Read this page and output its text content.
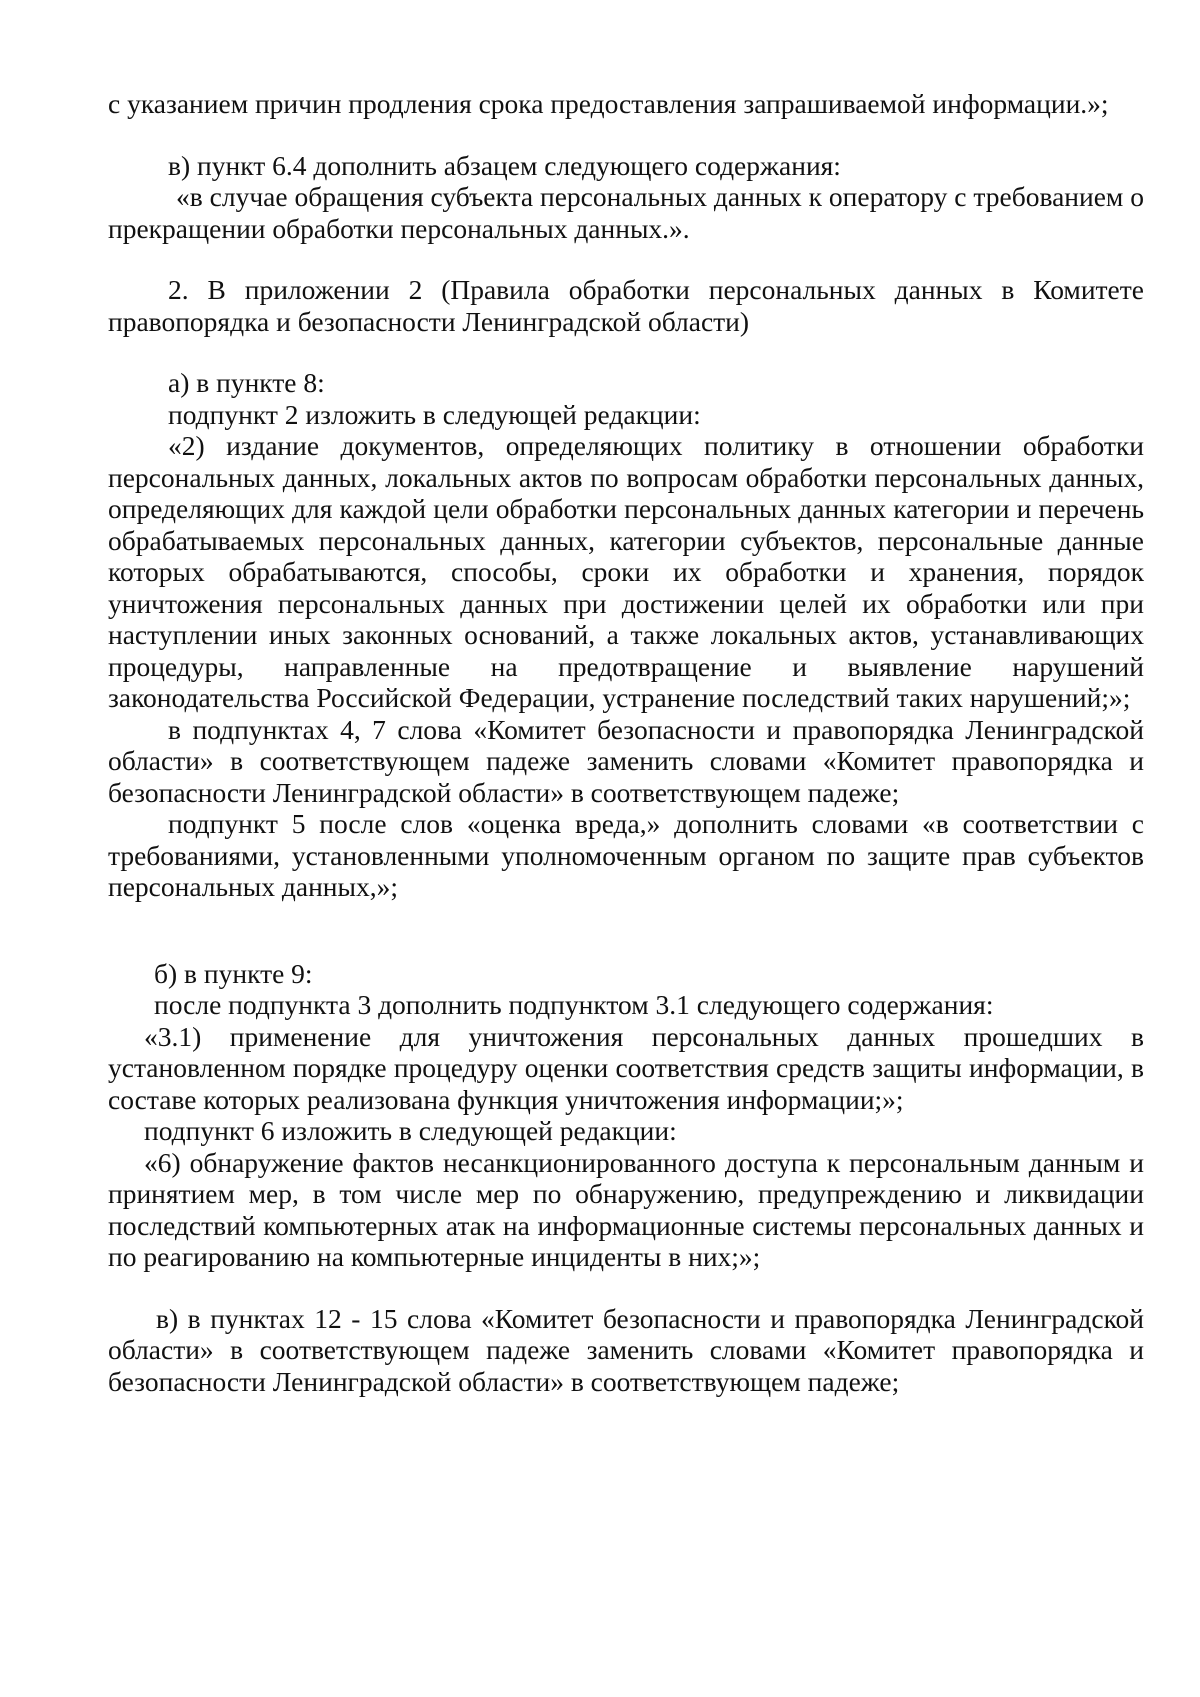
с указанием причин продления срока предоставления запрашиваемой информации.»;

в) пункт 6.4 дополнить абзацем следующего содержания:

«в случае обращения субъекта персональных данных к оператору с требованием о прекращении обработки персональных данных.».

2. В приложении 2 (Правила обработки персональных данных в Комитете правопорядка и безопасности Ленинградской области)

а) в пункте 8:

подпункт 2 изложить в следующей редакции:

«2) издание документов, определяющих политику в отношении обработки персональных данных, локальных актов по вопросам обработки персональных данных, определяющих для каждой цели обработки персональных данных категории и перечень обрабатываемых персональных данных, категории субъектов, персональные данные которых обрабатываются, способы, сроки их обработки и хранения, порядок уничтожения персональных данных при достижении целей их обработки или при наступлении иных законных оснований, а также локальных актов, устанавливающих процедуры, направленные на предотвращение и выявление нарушений законодательства Российской Федерации, устранение последствий таких нарушений;»;

в подпунктах 4, 7 слова «Комитет безопасности и правопорядка Ленинградской области» в соответствующем падеже заменить словами «Комитет правопорядка и безопасности Ленинградской области» в соответствующем падеже;

подпункт 5 после слов «оценка вреда,» дополнить словами «в соответствии с требованиями, установленными уполномоченным органом по защите прав субъектов персональных данных,»;

б) в пункте 9:

после подпункта 3 дополнить подпунктом 3.1 следующего содержания:

«3.1) применение для уничтожения персональных данных прошедших в установленном порядке процедуру оценки соответствия средств защиты информации, в составе которых реализована функция уничтожения информации;»;

подпункт 6 изложить в следующей редакции:

«6) обнаружение фактов несанкционированного доступа к персональным данным и принятием мер, в том числе мер по обнаружению, предупреждению и ликвидации последствий компьютерных атак на информационные системы персональных данных и по реагированию на компьютерные инциденты в них;»;

в) в пунктах 12 - 15 слова «Комитет безопасности и правопорядка Ленинградской области» в соответствующем падеже заменить словами «Комитет правопорядка и безопасности Ленинградской области» в соответствующем падеже;
